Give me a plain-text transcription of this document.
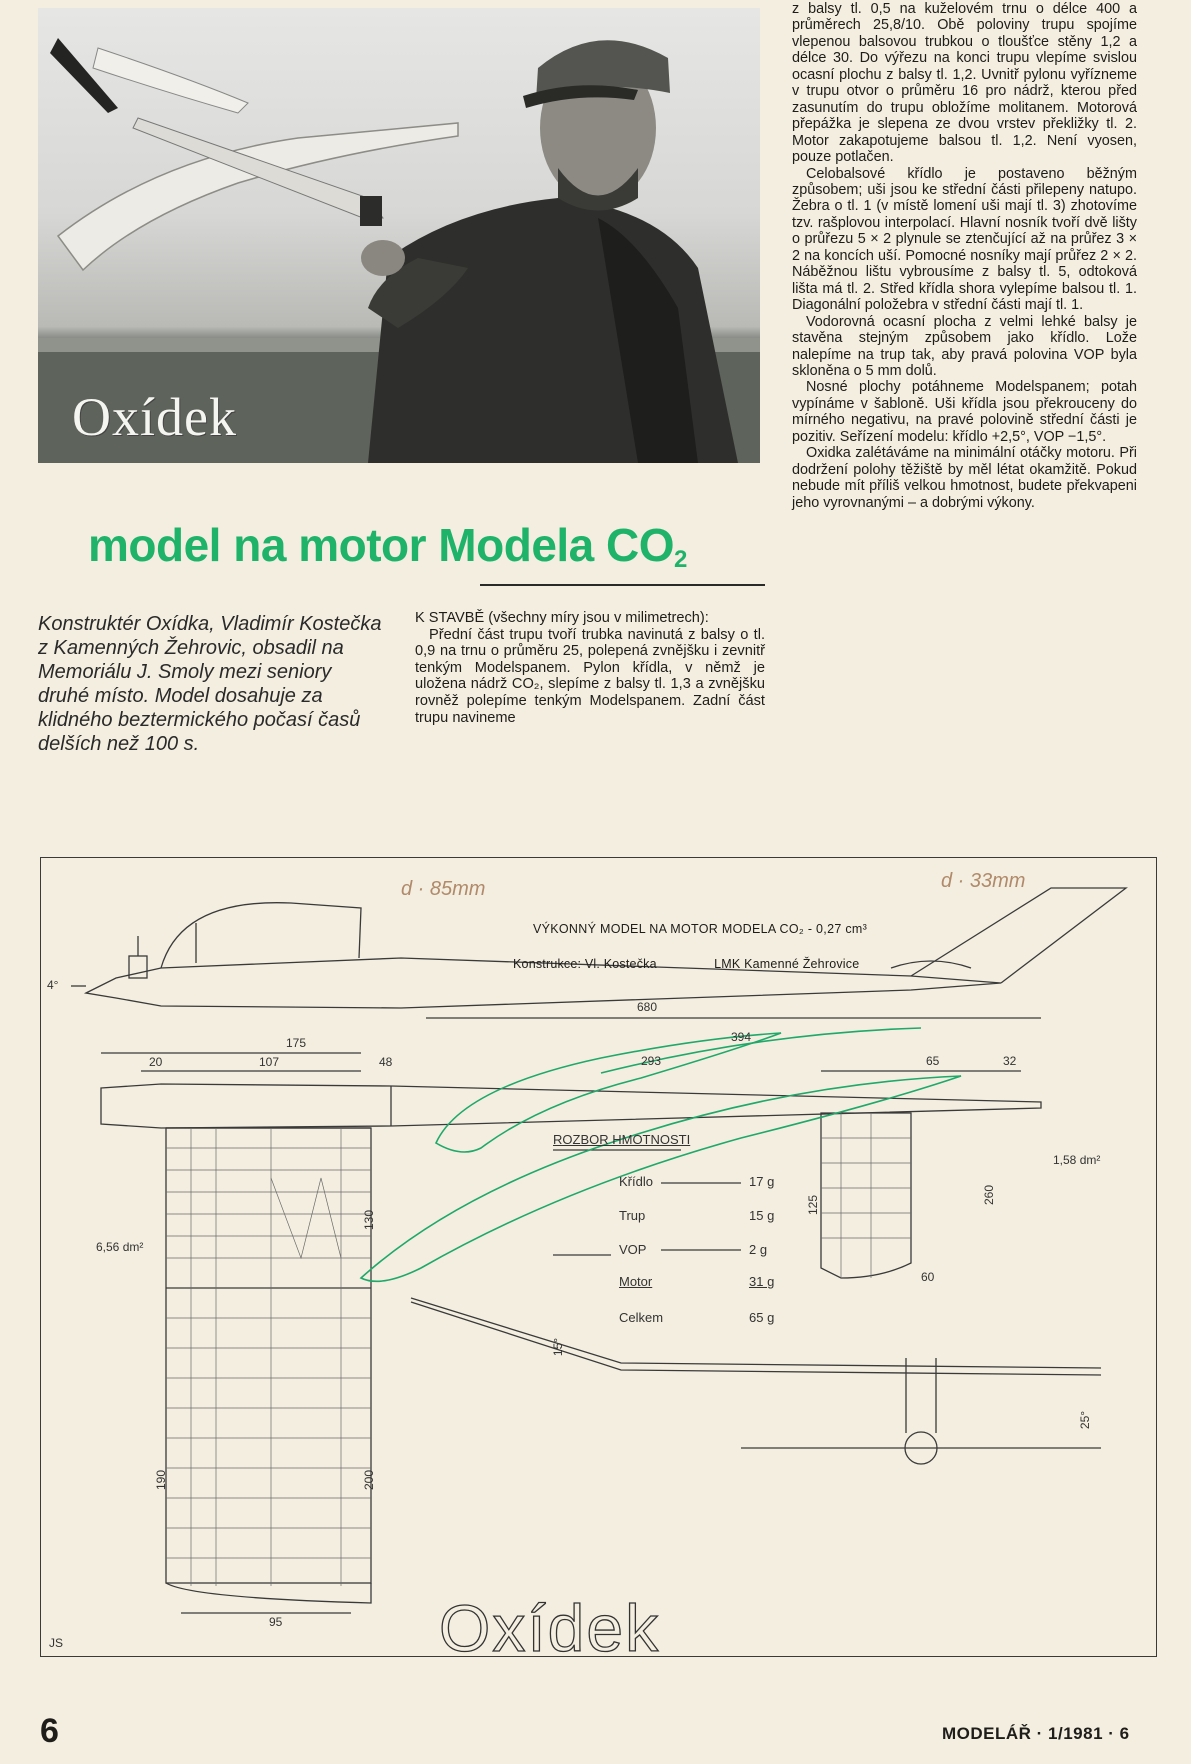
Oxídek
model na motor Modela $CO_2$
Konstruktér Oxídka, Vladimír Kostečka z Kamenných Žehrovic, obsadil na Memoriálu J. Smoly mezi seniory druhé místo. Model dosahuje za klidného beztermického počasí časů delších než 100 s.

K STAVBĚ (všechny míry jsou v milimetrech):

Přední část trupu tvoří trubka navinutá z balsy o tl. 0,9 na trnu o průměru 25, polepená zvnějšku i zevnitř tenkým Modelspanem. Pylon křídla, v němž je uložena nádrž CO₂, slepíme z balsy tl. 1,3 a zvnějšku rovněž polepíme tenkým Modelspanem. Zadní část trupu navineme

z balsy tl. 0,5 na kuželovém trnu o délce 400 a průměrech 25,8/10. Obě poloviny trupu spojíme vlepenou balsovou trubkou o tloušťce stěny 1,2 a délce 30. Do výřezu na konci trupu vlepíme svislou ocasní plochu z balsy tl. 1,2. Uvnitř pylonu vyřízneme v trupu otvor o průměru 16 pro nádrž, kterou před zasunutím do trupu obložíme molitanem. Motorová přepážka je slepena ze dvou vrstev překližky tl. 2. Motor zakapotujeme balsou tl. 1,2. Není vyosen, pouze potlačen.

Celobalsové křídlo je postaveno běžným způsobem; uši jsou ke střední části přilepeny natupo. Žebra o tl. 1 (v místě lomení uši mají tl. 3) zhotovíme tzv. rašplovou interpolací. Hlavní nosník tvoří dvě lišty o průřezu 5 × 2 plynule se ztenčující až na průřez 3 × 2 na koncích uší. Pomocné nosníky mají průřez 2 × 2. Náběžnou lištu vybrousíme z balsy tl. 5, odtoková lišta má tl. 2. Střed křídla shora vylepíme balsou tl. 1. Diagonální položebra v střední části mají tl. 1.

Vodorovná ocasní plocha z velmi lehké balsy je stavěna stejným způsobem jako křídlo. Lože nalepíme na trup tak, aby pravá polovina VOP byla skloněna o 5 mm dolů.

Nosné plochy potáhneme Modelspanem; potah vypínáme v šabloně. Uši křídla jsou překrouceny do mírného negativu, na pravé polovině střední části je pozitiv. Seřízení modelu: křídlo +2,5°, VOP −1,5°.

Oxidka zalétáváme na minimální otáčky motoru. Při dodržení polohy těžiště by měl létat okamžitě. Pokud nebude mít příliš velkou hmotnost, budete překvapeni jeho vyrovnanými – a dobrými výkony.

4°
175
20	107	48
680
394
293	65	32
130
125	260
60
190	200
95
15°
25°
6,56 dm²
1,58 dm²
d · 85mm	d · 33mm
ROZBOR HMOTNOSTI
Křídlo	17 g
Trup	15 g
VOP	2 g
Motor	31 g
Celkem	65 g
Oxídek
JS
VÝKONNÝ MODEL NA MOTOR MODELA CO₂ - 0,27 cm³
Konstrukce: Vl. Kostečka	LMK Kamenné Žehrovice
6	MODELÁŘ · 1/1981 · 6
